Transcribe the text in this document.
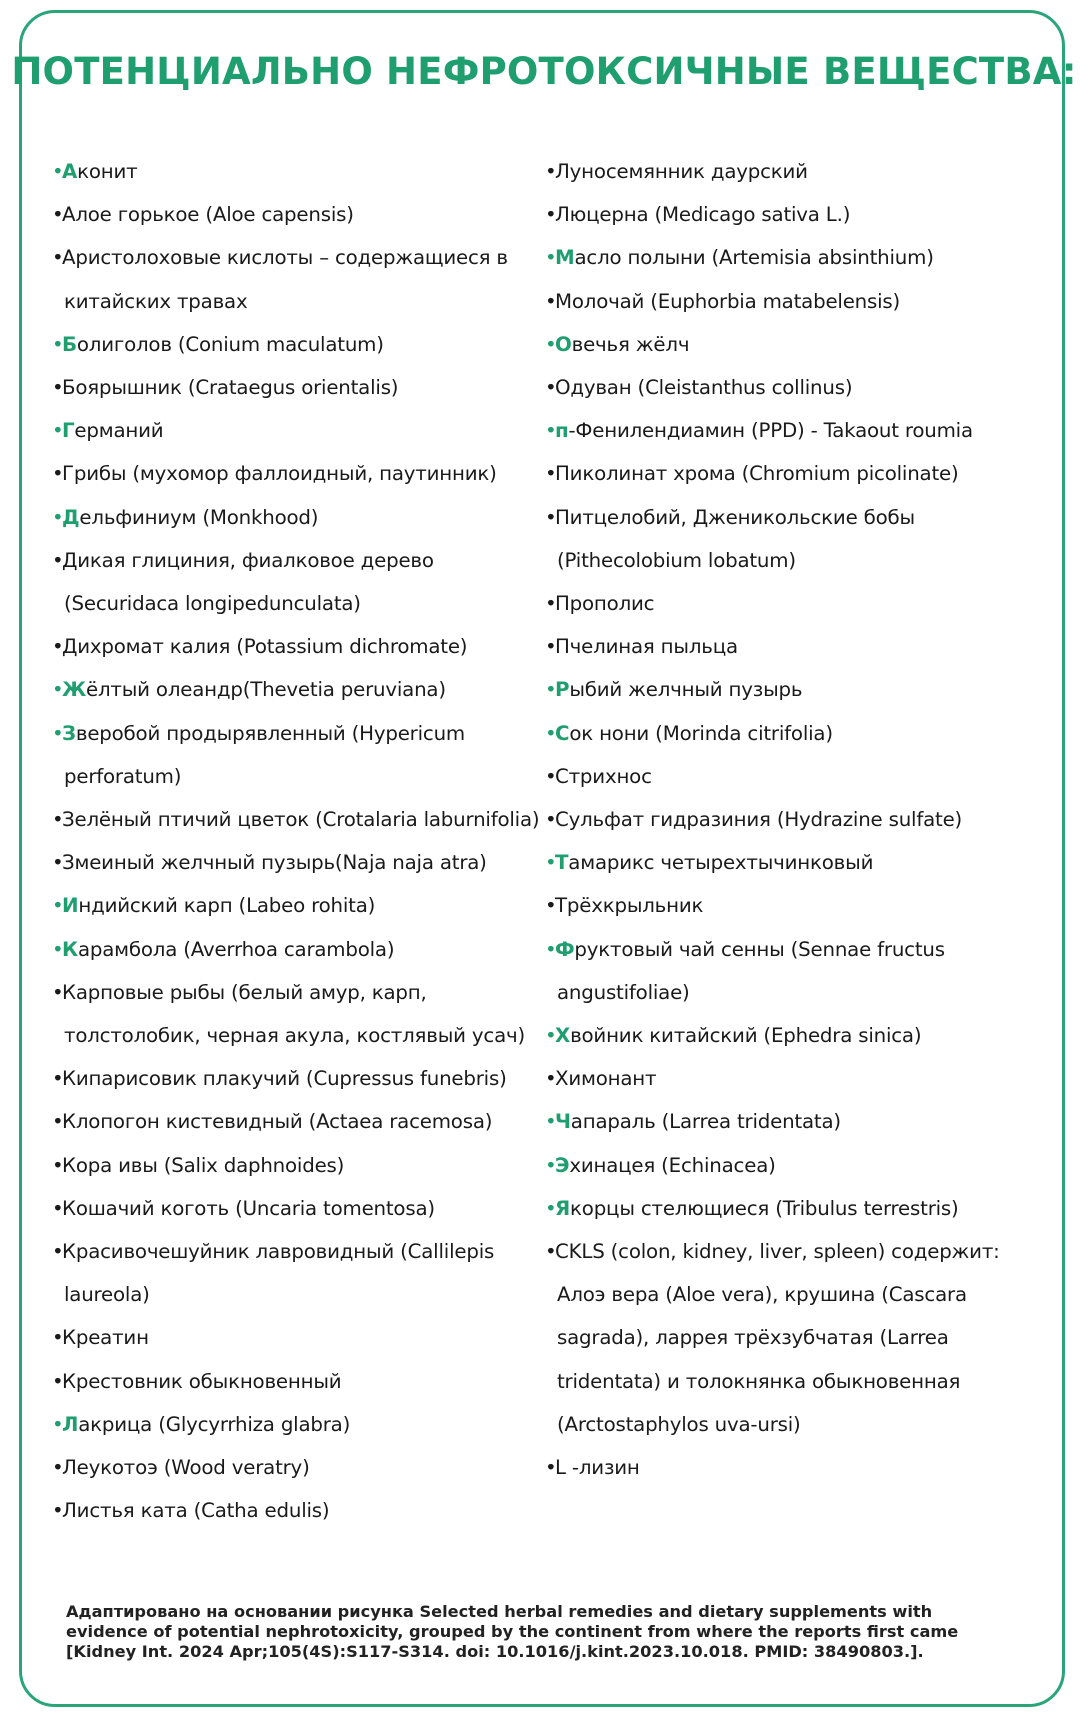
ПОТЕНЦИАЛЬНО НЕФРОТОКСИЧНЫЕ ВЕЩЕСТВА:
• Аконит
• Алое горькое (Aloe capensis)
• Аристолоховые кислоты – содержащиеся в
китайских травах
• Болиголов (Conium maculatum)
• Боярышник (Crataegus orientalis)
• Германий
• Грибы (мухомор фаллоидный, паутинник)
• Дельфиниум (Monkhood)
• Дикая глициния, фиалковое дерево
(Securidaca longipedunculata)
• Дихромат калия (Potassium dichromate)
• Жёлтый олеандр(Thevetia peruviana)
• Зверобой продырявленный (Hypericum
perforatum)
• Зелёный птичий цветок (Crotalaria laburnifolia)
• Змеиный желчный пузырь(Naja naja atra)
• Индийский карп (Labeo rohita)
• Карамбола (Averrhoa carambola)
• Карповые рыбы (белый амур, карп,
толстолобик, черная акула, костлявый усач)
• Кипарисовик плакучий (Cupressus funebris)
• Клопогон кистевидный (Actaea racemosa)
• Кора ивы (Salix daphnoides)
• Кошачий коготь (Uncaria tomentosa)
• Красивочешуйник лавровидный (Callilepis
laureola)
• Креатин
• Крестовник обыкновенный
• Лакрица (Glycyrrhiza glabra)
• Леукотоэ (Wood veratry)
• Листья ката (Catha edulis)
• Луносемянник даурский
• Люцерна (Medicago sativa L.)
• Масло полыни (Artemisia absinthium)
• Молочай (Euphorbia matabelensis)
• Овечья жёлч
• Одуван (Cleistanthus collinus)
• п-Фенилендиамин (PPD) - Takaout roumia
• Пиколинат хрома (Chromium picolinate)
• Питцелобий, Дженикольские бобы
(Pithecolobium lobatum)
• Прополис
• Пчелиная пыльца
• Рыбий желчный пузырь
• Сок нони (Morinda citrifolia)
• Стрихнос
• Сульфат гидразиния (Hydrazine sulfate)
• Тамарикс четырехтычинковый
• Трёхкрыльник
• Фруктовый чай сенны (Sennae fructus
angustifoliae)
• Хвойник китайский (Ephedra sinica)
• Химонант
• Чапараль (Larrea tridentata)
• Эхинацея (Echinacea)
• Якорцы стелющиеся (Tribulus terrestris)
• CKLS (colon, kidney, liver, spleen) содержит:
Алоэ вера (Aloe vera), крушина (Cascara
sagrada), ларрея трёхзубчатая (Larrea
tridentata) и толокнянка обыкновенная
(Arctostaphylos uva-ursi)
• L -лизин

Адаптировано на основании рисунка Selected herbal remedies and dietary supplements with evidence of potential nephrotoxicity, grouped by the continent from where the reports first came [Kidney Int. 2024 Apr;105(4S):S117-S314. doi: 10.1016/j.kint.2023.10.018. PMID: 38490803.].
